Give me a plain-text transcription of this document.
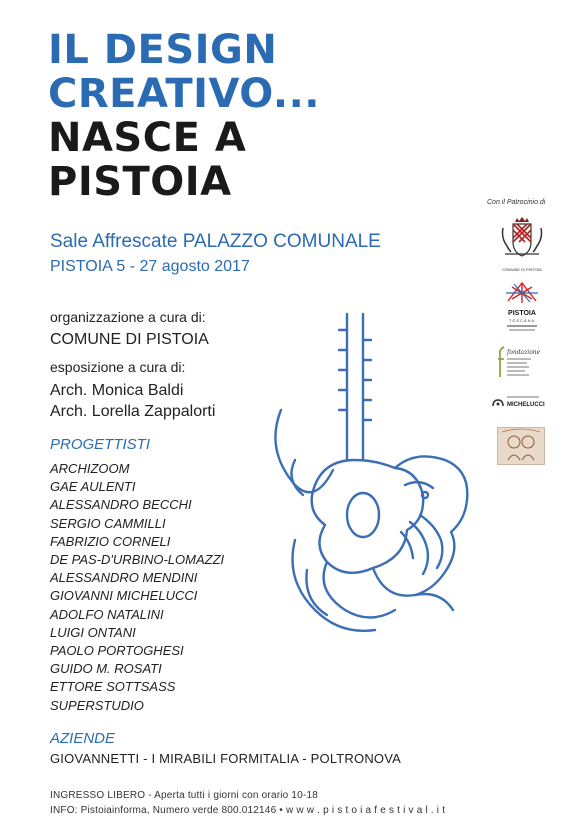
IL DESIGN
CREATIVO...
NASCE A
PISTOIA
Sale Affrescate PALAZZO COMUNALE
PISTOIA 5 - 27 agosto 2017
organizzazione a cura di:
COMUNE DI PISTOIA
esposizione a cura di:
Arch. Monica Baldi
Arch. Lorella Zappalorti
PROGETTISTI
ARCHIZOOM
GAE AULENTI
ALESSANDRO BECCHI
SERGIO CAMMILLI
FABRIZIO CORNELI
DE PAS-D'URBINO-LOMAZZI
ALESSANDRO MENDINI
GIOVANNI MICHELUCCI
ADOLFO NATALINI
LUIGI ONTANI
PAOLO PORTOGHESI
GUIDO M. ROSATI
ETTORE SOTTSASS
SUPERSTUDIO
AZIENDE
GIOVANNETTI - I MIRABILI FORMITALIA - POLTRONOVA
INGRESSO LIBERO - Aperta tutti i giorni con orario 10-18
INFO: Pistoiainforma, Numero verde 800.012146 • w w w . p i s t o i a f e s t i v a l . i t
Con il Patrocinio di
COMUNE DI PISTOIA
PISTOIA
TOSCANA
fondazione
MICHELUCCI
